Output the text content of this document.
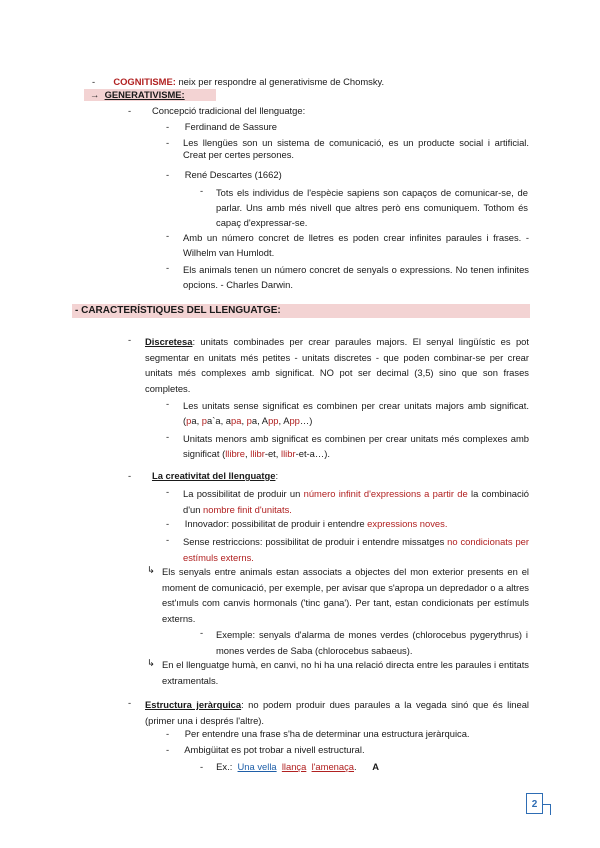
- COGNITISME: neix per respondre al generativisme de Chomsky.
→ GENERATIVISME:
- Concepció tradicional del llenguatge:
- Ferdinand de Sassure
- Les llengües son un sistema de comunicació, es un producte social i artificial. Creat per certes persones.
- René Descartes (1662)
- Tots els individus de l'espècie sapiens son capaços de comunicar-se, de parlar. Uns amb més nivell que altres però ens comuniquem. Tothom és capaç d'expressar-se.
- Amb un número concret de lletres es poden crear infinites paraules i frases. - Wilhelm van Humlodt.
- Els animals tenen un número concret de senyals o expressions. No tenen infinites opcions. - Charles Darwin.
- CARACTERÍSTIQUES DEL LLENGUATGE:
- Discretesa: unitats combinades per crear paraules majors. El senyal lingüístic es pot segmentar en unitats més petites - unitats discretes - que poden combinar-se per crear unitats més complexes amb significat. NO pot ser decimal (3,5) sino que son frases completes.
- Les unitats sense significat es combinen per crear unitats majors amb significat. (pa, pa`a, apa, pa, App, App…)
- Unitats menors amb significat es combinen per crear unitats més complexes amb significat (llibre, llibr-et, llibr-et-a…).
- La creativitat del llenguatge:
- La possibilitat de produir un número infinit d'expressions a partir de la combinació d'un nombre finit d'unitats.
- Innovador: possibilitat de produir i entendre expressions noves.
- Sense restriccions: possibilitat de produir i entendre missatges no condicionats per estímuls externs.
↳ Els senyals entre animals estan associats a objectes del mon exterior presents en el moment de comunicació, per exemple, per avisar que s'apropa un depredador o a altres est'ımuls com canvis hormonals ('tinc gana'). Per tant, estan condicionats per estímuls externs.
- Exemple: senyals d'alarma de mones verdes (chlorocebus pygerythrus) i mones verdes de Saba (chlorocebus sabaeus).
↳ En el llenguatge humà, en canvi, no hi ha una relació directa entre les paraules i entitats extramentals.
- Estructura jeràrquica: no podem produir dues paraules a la vegada sinó que és lineal (primer una i després l'altre).
- Per entendre una frase s'ha de determinar una estructura jeràrquica.
- Ambigüitat es pot trobar a nivell estructural.
- Ex.: Una vella llança l'amenaça. A
2
